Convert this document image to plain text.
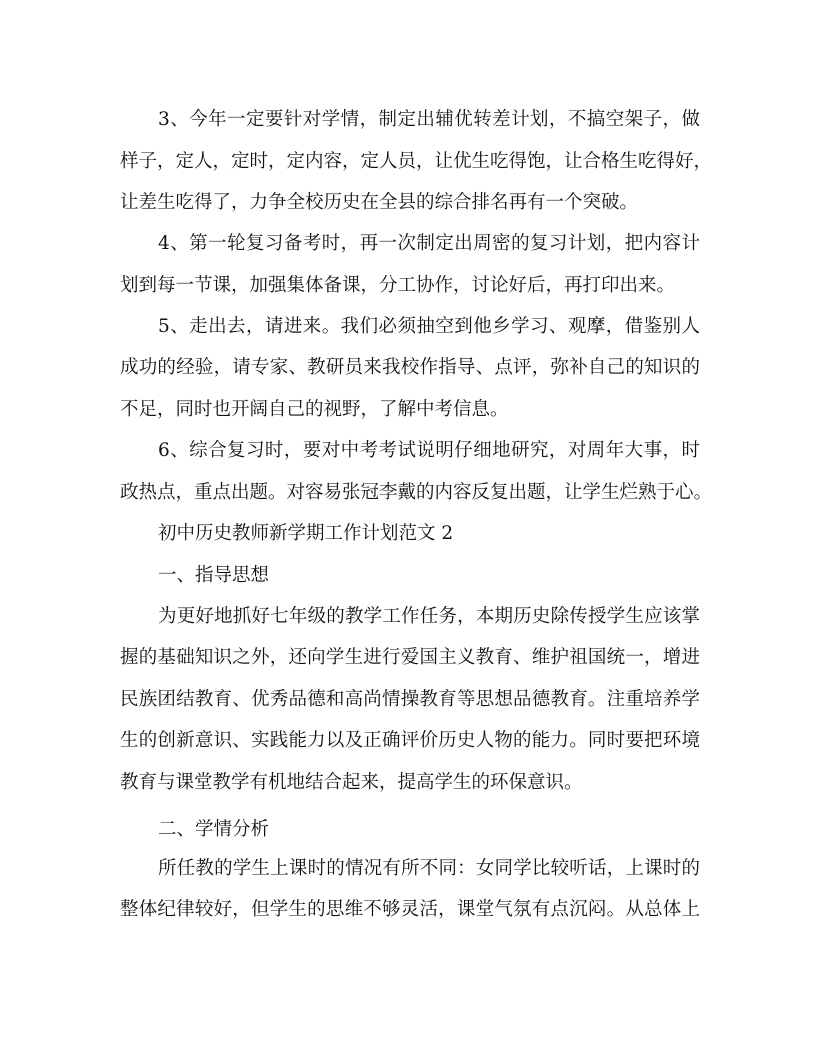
3、今年一定要针对学情，制定出辅优转差计划，不搞空架子，做
样子，定人，定时，定内容，定人员，让优生吃得饱，让合格生吃得好，
让差生吃得了，力争全校历史在全县的综合排名再有一个突破。
4、第一轮复习备考时，再一次制定出周密的复习计划，把内容计
划到每一节课，加强集体备课，分工协作，讨论好后，再打印出来。
5、走出去，请进来。我们必须抽空到他乡学习、观摩，借鉴别人
成功的经验，请专家、教研员来我校作指导、点评，弥补自己的知识的
不足，同时也开阔自己的视野，了解中考信息。
6、综合复习时，要对中考考试说明仔细地研究，对周年大事，时
政热点，重点出题。对容易张冠李戴的内容反复出题，让学生烂熟于心。
初中历史教师新学期工作计划范文 2
一、指导思想
为更好地抓好七年级的教学工作任务，本期历史除传授学生应该掌
握的基础知识之外，还向学生进行爱国主义教育、维护祖国统一，增进
民族团结教育、优秀品德和高尚情操教育等思想品德教育。注重培养学
生的创新意识、实践能力以及正确评价历史人物的能力。同时要把环境
教育与课堂教学有机地结合起来，提高学生的环保意识。
二、学情分析
所任教的学生上课时的情况有所不同：女同学比较听话，上课时的
整体纪律较好，但学生的思维不够灵活，课堂气氛有点沉闷。从总体上
